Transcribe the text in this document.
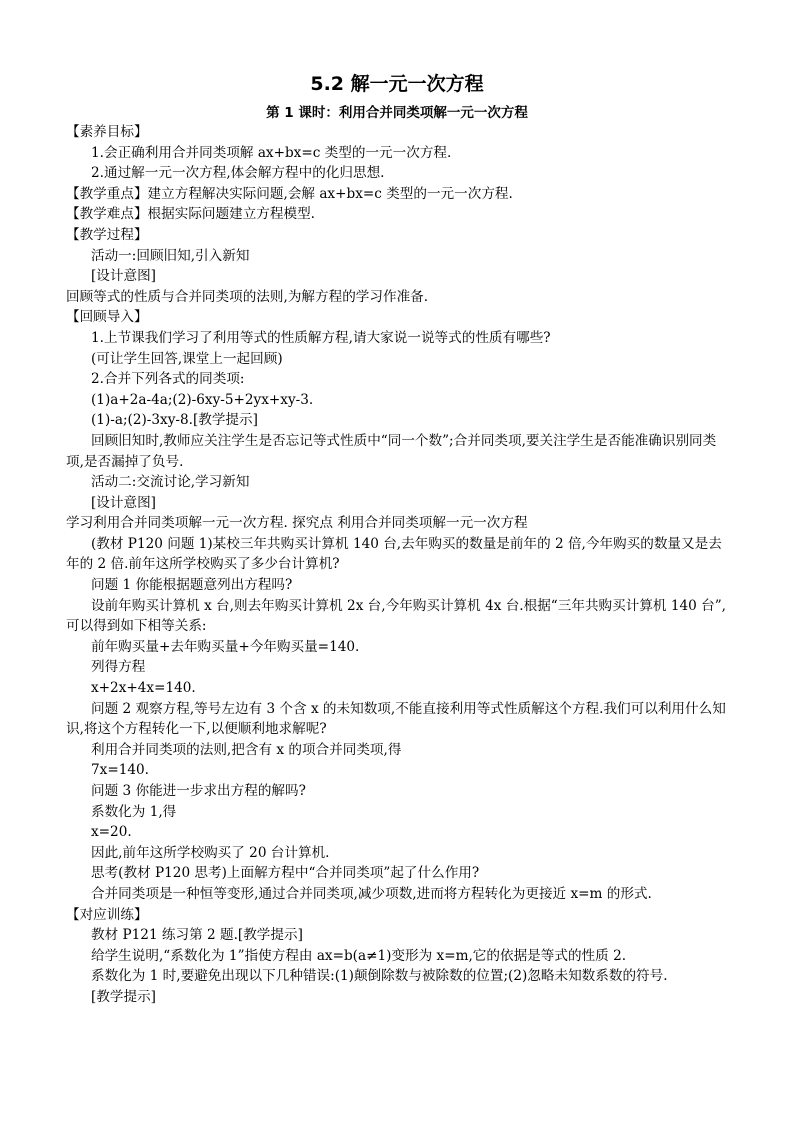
5.2 解一元一次方程
第 1 课时：利用合并同类项解一元一次方程

【素养目标】

1.会正确利用合并同类项解 ax+bx=c 类型的一元一次方程.

2.通过解一元一次方程,体会解方程中的化归思想.

【教学重点】建立方程解决实际问题,会解 ax+bx=c 类型的一元一次方程.

【教学难点】根据实际问题建立方程模型.

【教学过程】

活动一:回顾旧知,引入新知

[设计意图]

回顾等式的性质与合并同类项的法则,为解方程的学习作准备.

【回顾导入】

1.上节课我们学习了利用等式的性质解方程,请大家说一说等式的性质有哪些?

(可让学生回答,课堂上一起回顾)

2.合并下列各式的同类项:

(1)a+2a-4a;(2)-6xy-5+2yx+xy-3.

(1)-a;(2)-3xy-8.[教学提示]

回顾旧知时,教师应关注学生是否忘记等式性质中“同一个数”;合并同类项,要关注学生是否能准确识别同类项,是否漏掉了负号.

活动二:交流讨论,学习新知

[设计意图]

学习利用合并同类项解一元一次方程. 探究点 利用合并同类项解一元一次方程

(教材 P120 问题 1)某校三年共购买计算机 140 台,去年购买的数量是前年的 2 倍,今年购买的数量又是去年的 2 倍.前年这所学校购买了多少台计算机?

问题 1 你能根据题意列出方程吗?

设前年购买计算机 x 台,则去年购买计算机 2x 台,今年购买计算机 4x 台.根据“三年共购买计算机 140 台”,可以得到如下相等关系:

前年购买量+去年购买量+今年购买量=140.

列得方程

x+2x+4x=140.

问题 2 观察方程,等号左边有 3 个含 x 的未知数项,不能直接利用等式性质解这个方程.我们可以利用什么知识,将这个方程转化一下,以便顺利地求解呢?

利用合并同类项的法则,把含有 x 的项合并同类项,得

7x=140.

问题 3 你能进一步求出方程的解吗?

系数化为 1,得

x=20.

因此,前年这所学校购买了 20 台计算机.

思考(教材 P120 思考)上面解方程中“合并同类项”起了什么作用?

合并同类项是一种恒等变形,通过合并同类项,减少项数,进而将方程转化为更接近 x=m 的形式.

【对应训练】

教材 P121 练习第 2 题.[教学提示]

给学生说明,“系数化为 1”指使方程由 ax=b(a≠1)变形为 x=m,它的依据是等式的性质 2.

系数化为 1 时,要避免出现以下几种错误:(1)颠倒除数与被除数的位置;(2)忽略未知数系数的符号.

[教学提示]
